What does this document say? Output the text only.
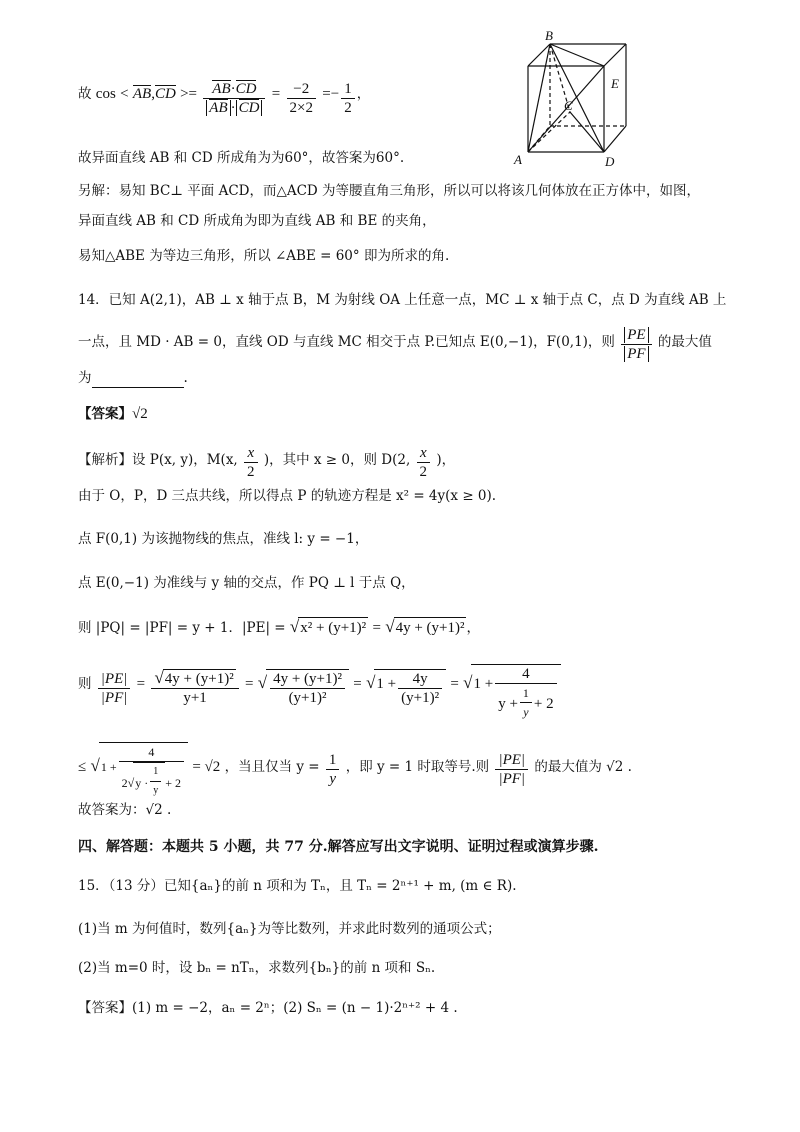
B
E
C
A	D
故 $\cos < AB,CD >= \frac{AB\cdot CD}{AB \cdot CD} = \frac{-2}{2\times 2} =- \frac{1}{2}$ ，
故异面直线 AB 和 CD 所成角为为60°，故答案为60°.
另解：易知 BC⊥ 平面 ACD，而△ACD 为等腰直角三角形，所以可以将该几何体放在正方体中，如图，
异面直线 AB 和 CD 所成角为即为直线 AB 和 BE 的夹角，
易知△ABE 为等边三角形，所以 ∠ABE = 60° 即为所求的角.
14．已知 A(2,1)，AB ⊥ x 轴于点 B，M 为射线 OA 上任意一点，MC ⊥ x 轴于点 C，点 D 为直线 AB 上
一点，且 MD · AB = 0，直线 OD 与直线 MC 相交于点 P.已知点 E(0,−1)，F(0,1)，则 $\frac{PE}{PF}$ 的最大值
为	.
【答案】√2
【解析】设 P(x, y)，M(x, $\frac{x}{2}$ )，其中 x ≥ 0，则 D(2, $\frac{x}{2}$ )，
由于 O，P，D 三点共线，所以得点 P 的轨迹方程是 x² = 4y(x ≥ 0).
点 F(0,1) 为该抛物线的焦点，准线 l: y = −1，
点 E(0,−1) 为准线与 y 轴的交点，作 PQ ⊥ l 于点 Q，
则 |PQ| = |PF| = y + 1．|PE| = √x² + (y+1)² = √4y + (y+1)² ，
则 $\frac{|PE|}{|PF|} = \frac{\text{√4y + (y+1)²}}{y+1}$ = √ $\frac{\text{4y + (y+1)²}}{\text{(y+1)²}} = √1 + \frac{4y}{\text{(y+1)²}} = √1 + \frac{4}{y + \frac{1}{y} + 2}$
≤ $√1 + \frac{4}{2√y \cdot \frac{1}{y} + 2} = √2$ ，当且仅当 $y = \frac{1}{y}$ ，即 y = 1 时取等号.则 $\frac{|PE|}{|PF|}$ 的最大值为 √2 .
故答案为：√2 .
四、解答题：本题共 5 小题，共 77 分.解答应写出文字说明、证明过程或演算步骤.
15．（13 分）已知{aₙ}的前 n 项和为 Tₙ，且 Tₙ = 2ⁿ⁺¹ + m, (m ∈ R).
(1)当 m 为何值时，数列{aₙ}为等比数列，并求此时数列的通项公式；
(2)当 m=0 时，设 bₙ = nTₙ，求数列{bₙ}的前 n 项和 Sₙ.
【答案】(1) m = −2，aₙ = 2ⁿ；(2) Sₙ = (n − 1)·2ⁿ⁺² + 4 .
